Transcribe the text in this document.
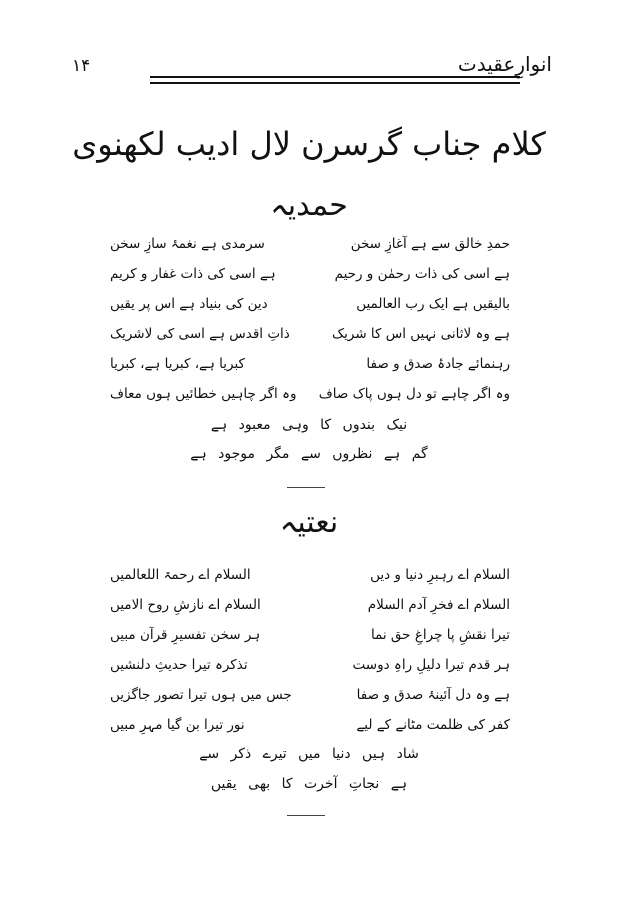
۱۴	انوارِعقیدت
کلام جناب گرسرن لال ادیب لکھنوی
حمدیہ
حمدِ خالق سے ہے آغازِ سخن
سرمدی ہے نغمۂ سازِ سخن
ہے اسی کی ذات رحمٰن و رحیم
ہے اسی کی ذات غفار و کریم
بالیقیں ہے ایک رب العالمیں
دین کی بنیاد ہے اس پر یقیں
ہے وہ لاثانی نہیں اس کا شریک
ذاتِ اقدس ہے اسی کی لاشریک
رہنمائے جادۂ صدق و صفا
کبریا ہے، کبریا ہے، کبریا
وہ اگر چاہے تو دل ہوں پاک صاف
وہ اگر چاہیں خطائیں ہوں معاف
نیک بندوں کا وہی معبود ہے
گم ہے نظروں سے مگر موجود ہے
نعتیہ
السلام اے رہبرِ دنیا و دیں
السلام اے رحمۃ اللعالمیں
السلام اے فخرِ آدم السلام
السلام اے نازشِ روح الامیں
تیرا نقشِ پا چراغِ حق نما
ہر سخن تفسیرِ قرآن مبیں
ہر قدم تیرا دلیلِ راہِ دوست
تذکرہ تیرا حدیثِ دلنشیں
ہے وہ دل آئینۂ صدق و صفا
جس میں ہوں تیرا تصور جاگزیں
کفر کی ظلمت مٹانے کے لیے
نور تیرا بن گیا مہرِ مبیں
شاد ہیں دنیا میں تیرے ذکر سے
ہے نجاتِ آخرت کا بھی یقیں
